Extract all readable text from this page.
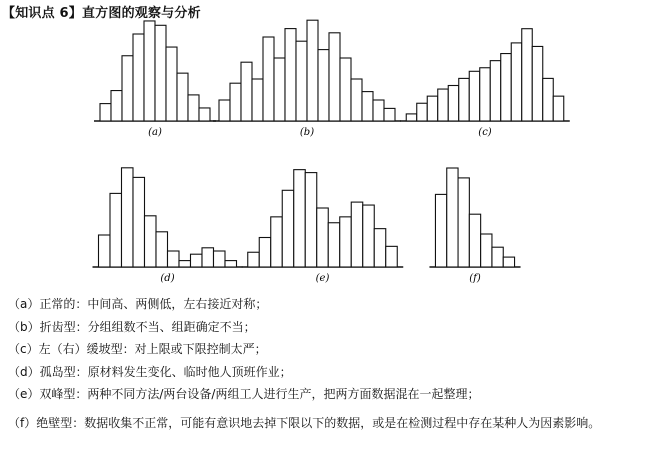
【知识点 6】直方图的观察与分析
(a)	(b)	(c)
(d)	(e)	(f)
（a）正常的：中间高、两侧低，左右接近对称；
（b）折齿型：分组组数不当、组距确定不当；
（c）左（右）缓坡型：对上限或下限控制太严；
（d）孤岛型：原材料发生变化、临时他人顶班作业；
（e）双峰型：两种不同方法/两台设备/两组工人进行生产，把两方面数据混在一起整理；
（f）绝壁型：数据收集不正常，可能有意识地去掉下限以下的数据，或是在检测过程中存在某种人为因素影响。
